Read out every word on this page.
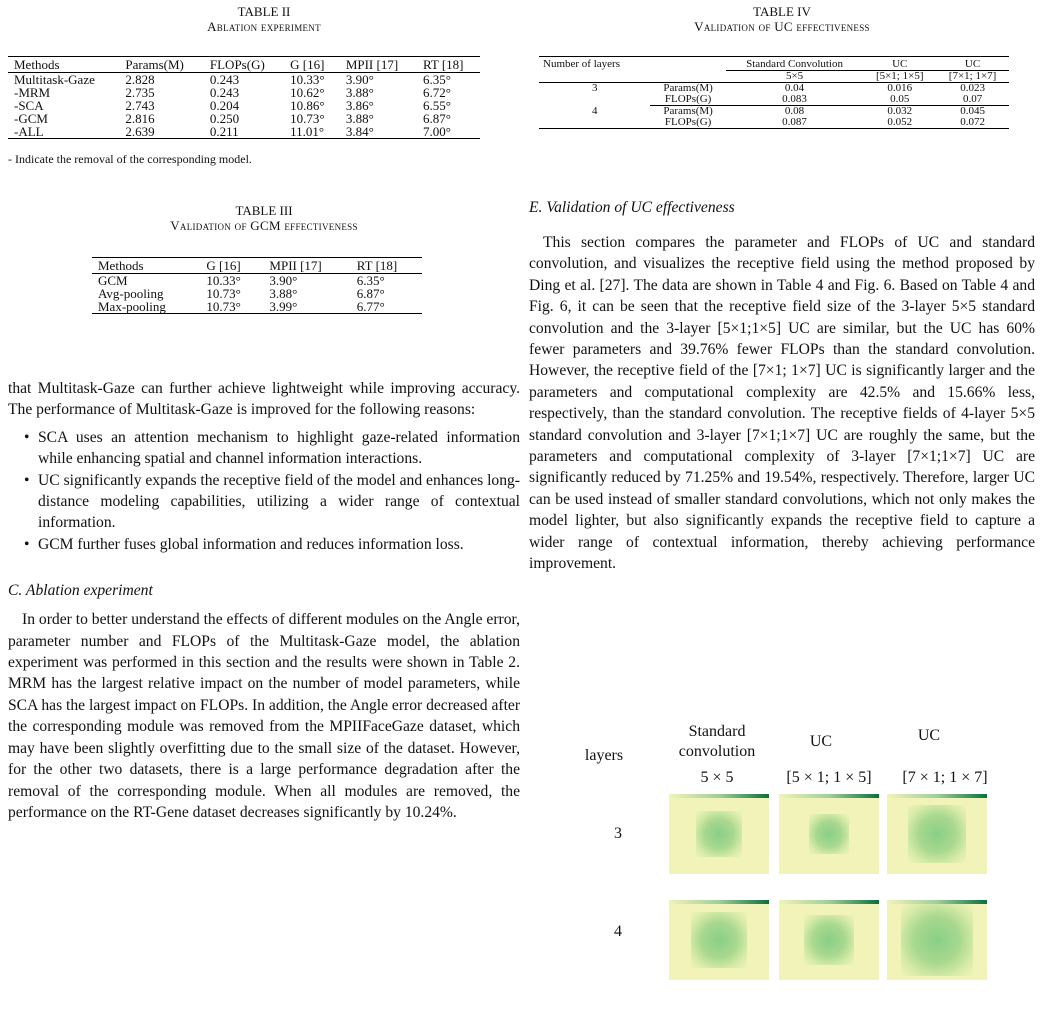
TABLE II
Ablation experiment
Methods	Params(M)	FLOPs(G)	G [16]	MPII [17]	RT [18]
Multitask-Gaze	2.828	0.243	10.33°	3.90°	6.35°
-MRM	2.735	0.243	10.62°	3.88°	6.72°
-SCA	2.743	0.204	10.86°	3.86°	6.55°
-GCM	2.816	0.250	10.73°	3.88°	6.87°
-ALL	2.639	0.211	11.01°	3.84°	7.00°
- Indicate the removal of the corresponding model.
TABLE III
Validation of GCM effectiveness
Methods	G [16]	MPII [17]	RT [18]
GCM	10.33°	3.90°	6.35°
Avg-pooling	10.73°	3.88°	6.87°
Max-pooling	10.73°	3.99°	6.77°

that Multitask-Gaze can further achieve lightweight while improving accuracy. The performance of Multitask-Gaze is improved for the following reasons:

• SCA uses an attention mechanism to highlight gaze-related information while enhancing spatial and channel information interactions.
• UC significantly expands the receptive field of the model and enhances long-distance modeling capabilities, utilizing a wider range of contextual information.
• GCM further fuses global information and reduces information loss.
C. Ablation experiment

In order to better understand the effects of different modules on the Angle error, parameter number and FLOPs of the Multitask-Gaze model, the ablation experiment was performed in this section and the results were shown in Table 2. MRM has the largest relative impact on the number of model parameters, while SCA has the largest impact on FLOPs. In addition, the Angle error decreased after the corresponding module was removed from the MPIIFaceGaze dataset, which may have been slightly overfitting due to the small size of the dataset. However, for the other two datasets, there is a large performance degradation after the removal of the corresponding module. When all modules are removed, the performance on the RT-Gene dataset decreases significantly by 10.24%.

TABLE IV
Validation of UC effectiveness
Number of layers		Standard Convolution	UC	UC
		5×5	[5×1; 1×5]	[7×1; 1×7]
3	Params(M)	0.04	0.016	0.023
	FLOPs(G)	0.083	0.05	0.07
4	Params(M)	0.08	0.032	0.045
	FLOPs(G)	0.087	0.052	0.072
E. Validation of UC effectiveness

This section compares the parameter and FLOPs of UC and standard convolution, and visualizes the receptive field using the method proposed by Ding et al. [27]. The data are shown in Table 4 and Fig. 6. Based on Table 4 and Fig. 6, it can be seen that the receptive field size of the 3-layer 5×5 standard convolution and the 3-layer [5×1;1×5] UC are similar, but the UC has 60% fewer parameters and 39.76% fewer FLOPs than the standard convolution. However, the receptive field of the [7×1; 1×7] UC is significantly larger and the parameters and computational complexity are 42.5% and 15.66% less, respectively, than the standard convolution. The receptive fields of 4-layer 5×5 standard convolution and 3-layer [7×1;1×7] UC are roughly the same, but the parameters and computational complexity of 3-layer [7×1;1×7] UC are significantly reduced by 71.25% and 19.54%, respectively. Therefore, larger UC can be used instead of smaller standard convolutions, which not only makes the model lighter, but also significantly expands the receptive field to capture a wider range of contextual information, thereby achieving performance improvement.

layers
Standard
convolution
UC	UC
5 × 5	[5 × 1; 1 × 5]	[7 × 1; 1 × 7]
3
4
